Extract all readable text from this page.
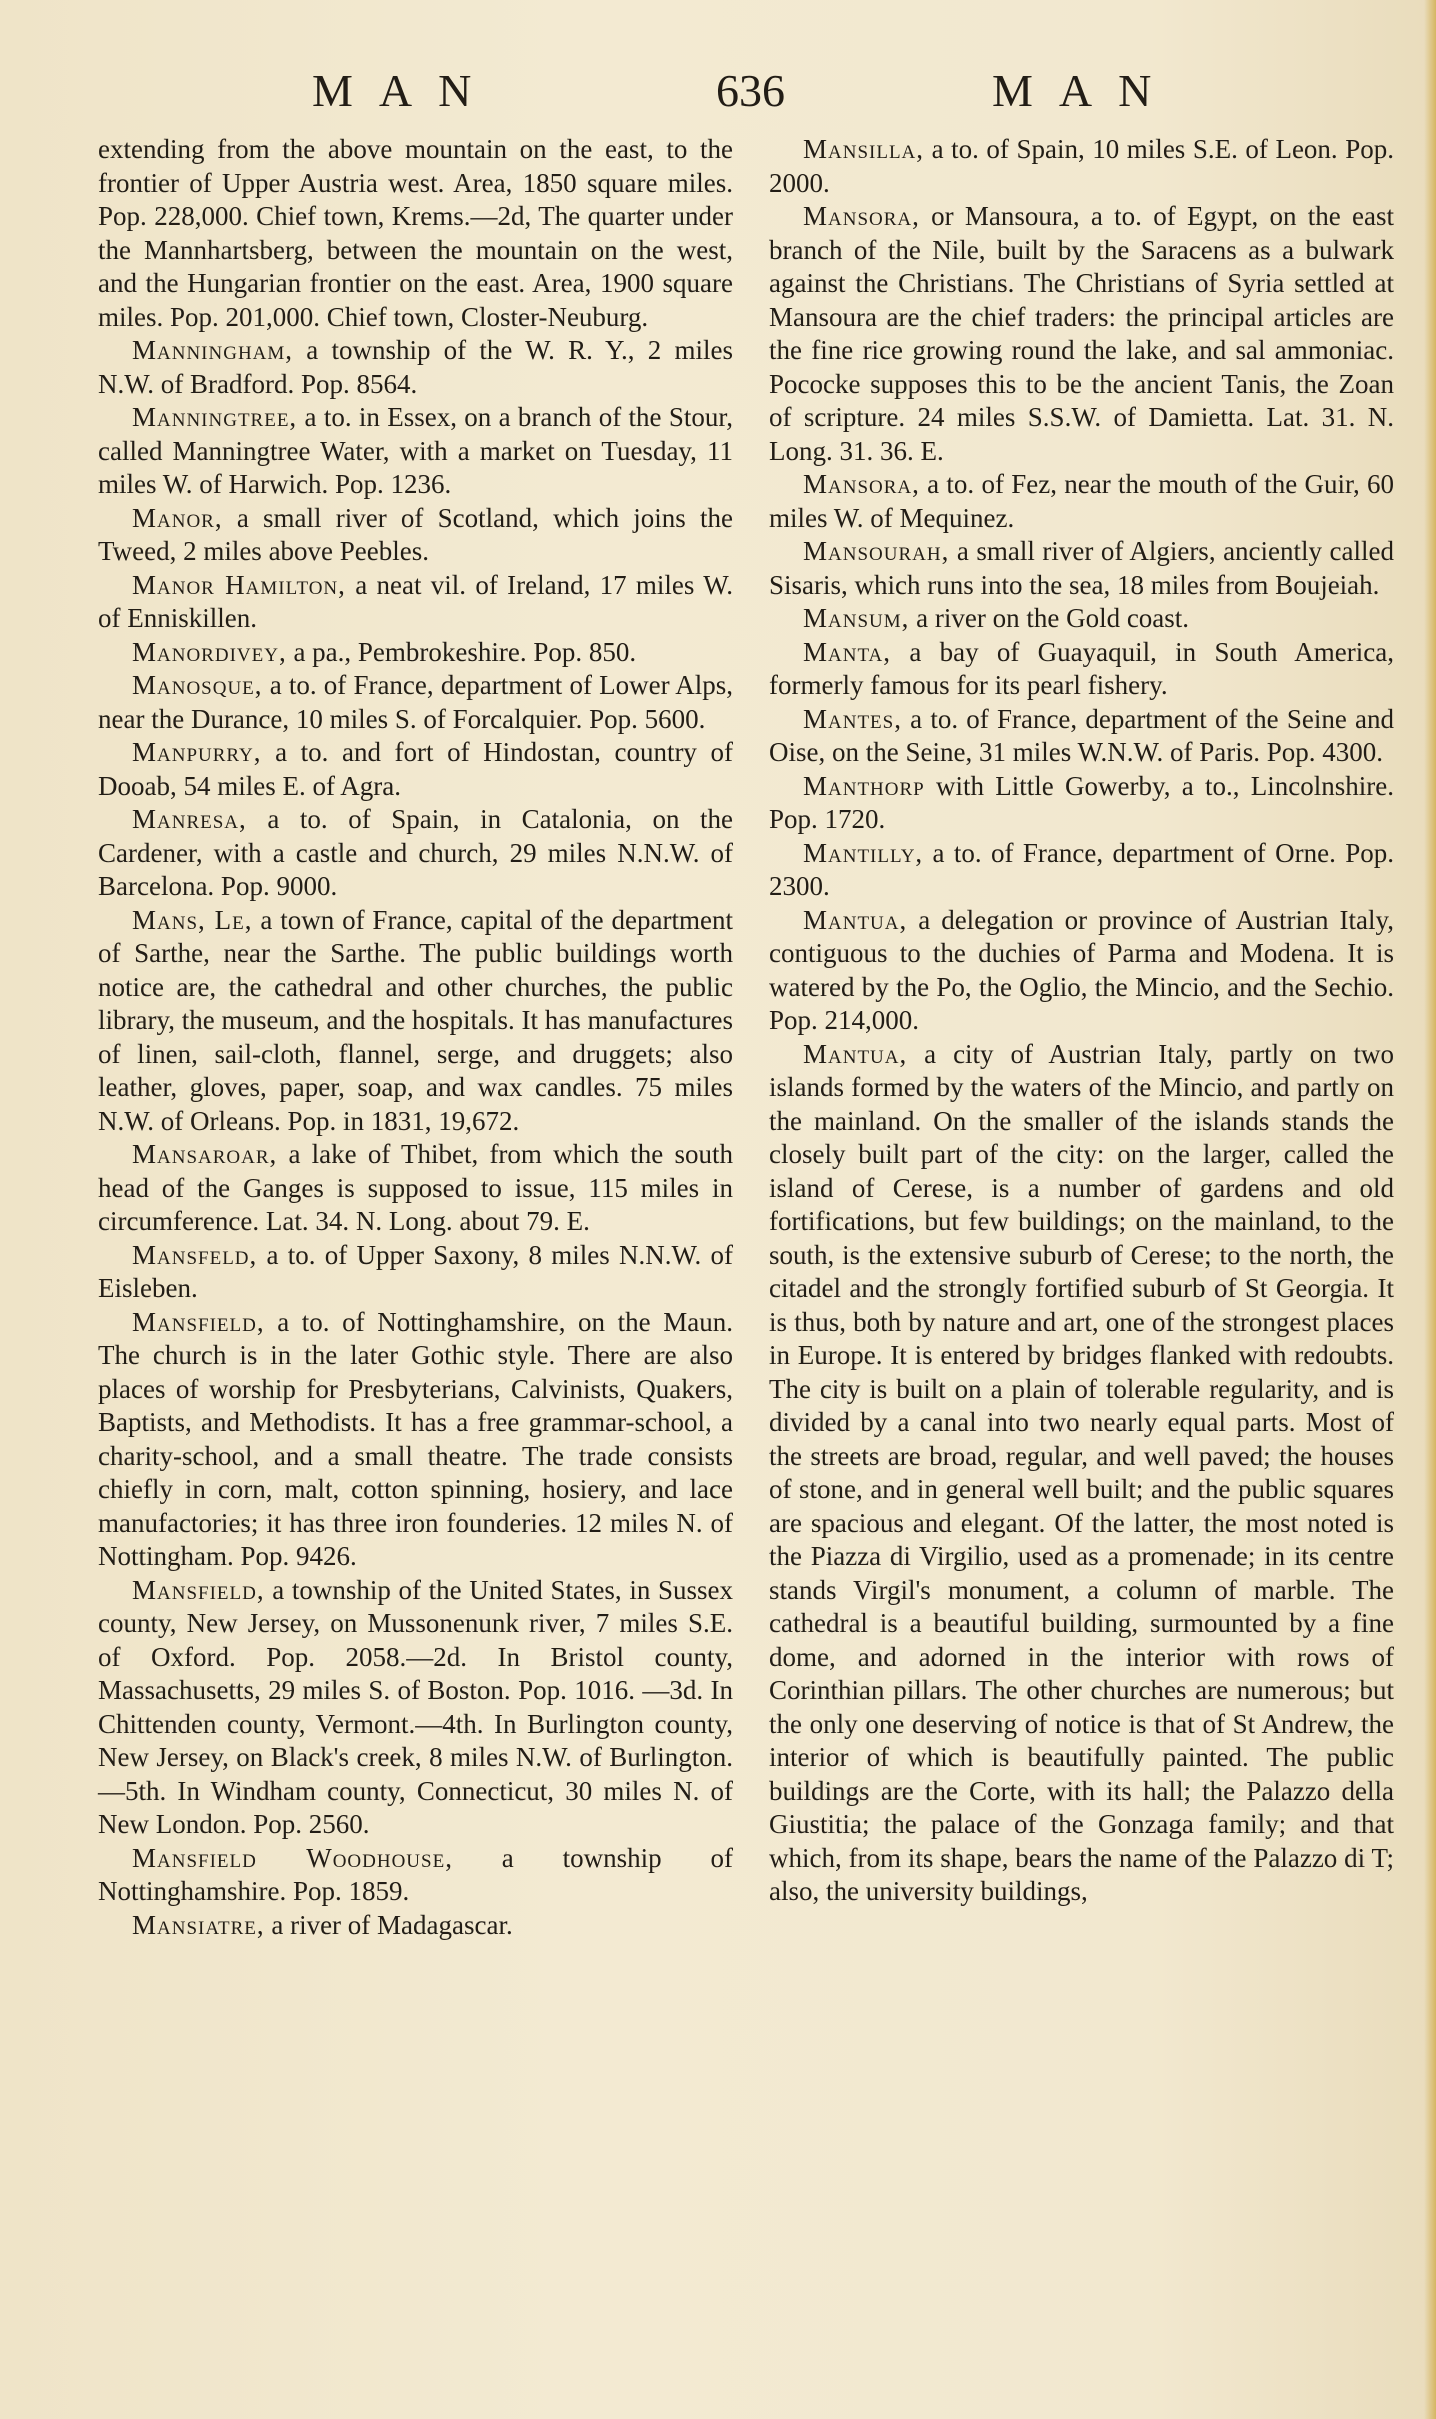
MAN	636	MAN

extending from the above mountain on the east, to the frontier of Upper Austria west. Area, 1850 square miles. Pop. 228,000. Chief town, Krems.—2d, The quarter under the Mannhartsberg, between the mountain on the west, and the Hungarian frontier on the east. Area, 1900 square miles. Pop. 201,000. Chief town, Closter-Neuburg.

Manningham, a township of the W. R. Y., 2 miles N.W. of Bradford. Pop. 8564.

Manningtree, a to. in Essex, on a branch of the Stour, called Manningtree Water, with a market on Tuesday, 11 miles W. of Harwich. Pop. 1236.

Manor, a small river of Scotland, which joins the Tweed, 2 miles above Peebles.

Manor Hamilton, a neat vil. of Ireland, 17 miles W. of Enniskillen.

Manordivey, a pa., Pembrokeshire. Pop. 850.

Manosque, a to. of France, department of Lower Alps, near the Durance, 10 miles S. of Forcalquier. Pop. 5600.

Manpurry, a to. and fort of Hindostan, country of Dooab, 54 miles E. of Agra.

Manresa, a to. of Spain, in Catalonia, on the Cardener, with a castle and church, 29 miles N.N.W. of Barcelona. Pop. 9000.

Mans, Le, a town of France, capital of the department of Sarthe, near the Sarthe. The public buildings worth notice are, the cathedral and other churches, the public library, the museum, and the hospitals. It has manufactures of linen, sail-cloth, flannel, serge, and druggets; also leather, gloves, paper, soap, and wax candles. 75 miles N.W. of Orleans. Pop. in 1831, 19,672.

Mansaroar, a lake of Thibet, from which the south head of the Ganges is supposed to issue, 115 miles in circumference. Lat. 34. N. Long. about 79. E.

Mansfeld, a to. of Upper Saxony, 8 miles N.N.W. of Eisleben.

Mansfield, a to. of Nottinghamshire, on the Maun. The church is in the later Gothic style. There are also places of worship for Presbyterians, Calvinists, Quakers, Baptists, and Methodists. It has a free grammar-school, a charity-school, and a small theatre. The trade consists chiefly in corn, malt, cotton spinning, hosiery, and lace manufactories; it has three iron founderies. 12 miles N. of Nottingham. Pop. 9426.

Mansfield, a township of the United States, in Sussex county, New Jersey, on Mussonenunk river, 7 miles S.E. of Oxford. Pop. 2058.—2d. In Bristol county, Massachusetts, 29 miles S. of Boston. Pop. 1016. —3d. In Chittenden county, Vermont.—4th. In Burlington county, New Jersey, on Black's creek, 8 miles N.W. of Burlington. —5th. In Windham county, Connecticut, 30 miles N. of New London. Pop. 2560.

Mansfield Woodhouse, a township of Nottinghamshire. Pop. 1859.

Mansiatre, a river of Madagascar.

Mansilla, a to. of Spain, 10 miles S.E. of Leon. Pop. 2000.

Mansora, or Mansoura, a to. of Egypt, on the east branch of the Nile, built by the Saracens as a bulwark against the Christians. The Christians of Syria settled at Mansoura are the chief traders: the principal articles are the fine rice growing round the lake, and sal ammoniac. Pococke supposes this to be the ancient Tanis, the Zoan of scripture. 24 miles S.S.W. of Damietta. Lat. 31. N. Long. 31. 36. E.

Mansora, a to. of Fez, near the mouth of the Guir, 60 miles W. of Mequinez.

Mansourah, a small river of Algiers, anciently called Sisaris, which runs into the sea, 18 miles from Boujeiah.

Mansum, a river on the Gold coast.

Manta, a bay of Guayaquil, in South America, formerly famous for its pearl fishery.

Mantes, a to. of France, department of the Seine and Oise, on the Seine, 31 miles W.N.W. of Paris. Pop. 4300.

Manthorp with Little Gowerby, a to., Lincolnshire. Pop. 1720.

Mantilly, a to. of France, department of Orne. Pop. 2300.

Mantua, a delegation or province of Austrian Italy, contiguous to the duchies of Parma and Modena. It is watered by the Po, the Oglio, the Mincio, and the Sechio. Pop. 214,000.

Mantua, a city of Austrian Italy, partly on two islands formed by the waters of the Mincio, and partly on the mainland. On the smaller of the islands stands the closely built part of the city: on the larger, called the island of Cerese, is a number of gardens and old fortifications, but few buildings; on the mainland, to the south, is the extensive suburb of Cerese; to the north, the citadel and the strongly fortified suburb of St Georgia. It is thus, both by nature and art, one of the strongest places in Europe. It is entered by bridges flanked with redoubts. The city is built on a plain of tolerable regularity, and is divided by a canal into two nearly equal parts. Most of the streets are broad, regular, and well paved; the houses of stone, and in general well built; and the public squares are spacious and elegant. Of the latter, the most noted is the Piazza di Virgilio, used as a promenade; in its centre stands Virgil's monument, a column of marble. The cathedral is a beautiful building, surmounted by a fine dome, and adorned in the interior with rows of Corinthian pillars. The other churches are numerous; but the only one deserving of notice is that of St Andrew, the interior of which is beautifully painted. The public buildings are the Corte, with its hall; the Palazzo della Giustitia; the palace of the Gonzaga family; and that which, from its shape, bears the name of the Palazzo di T; also, the university buildings,
